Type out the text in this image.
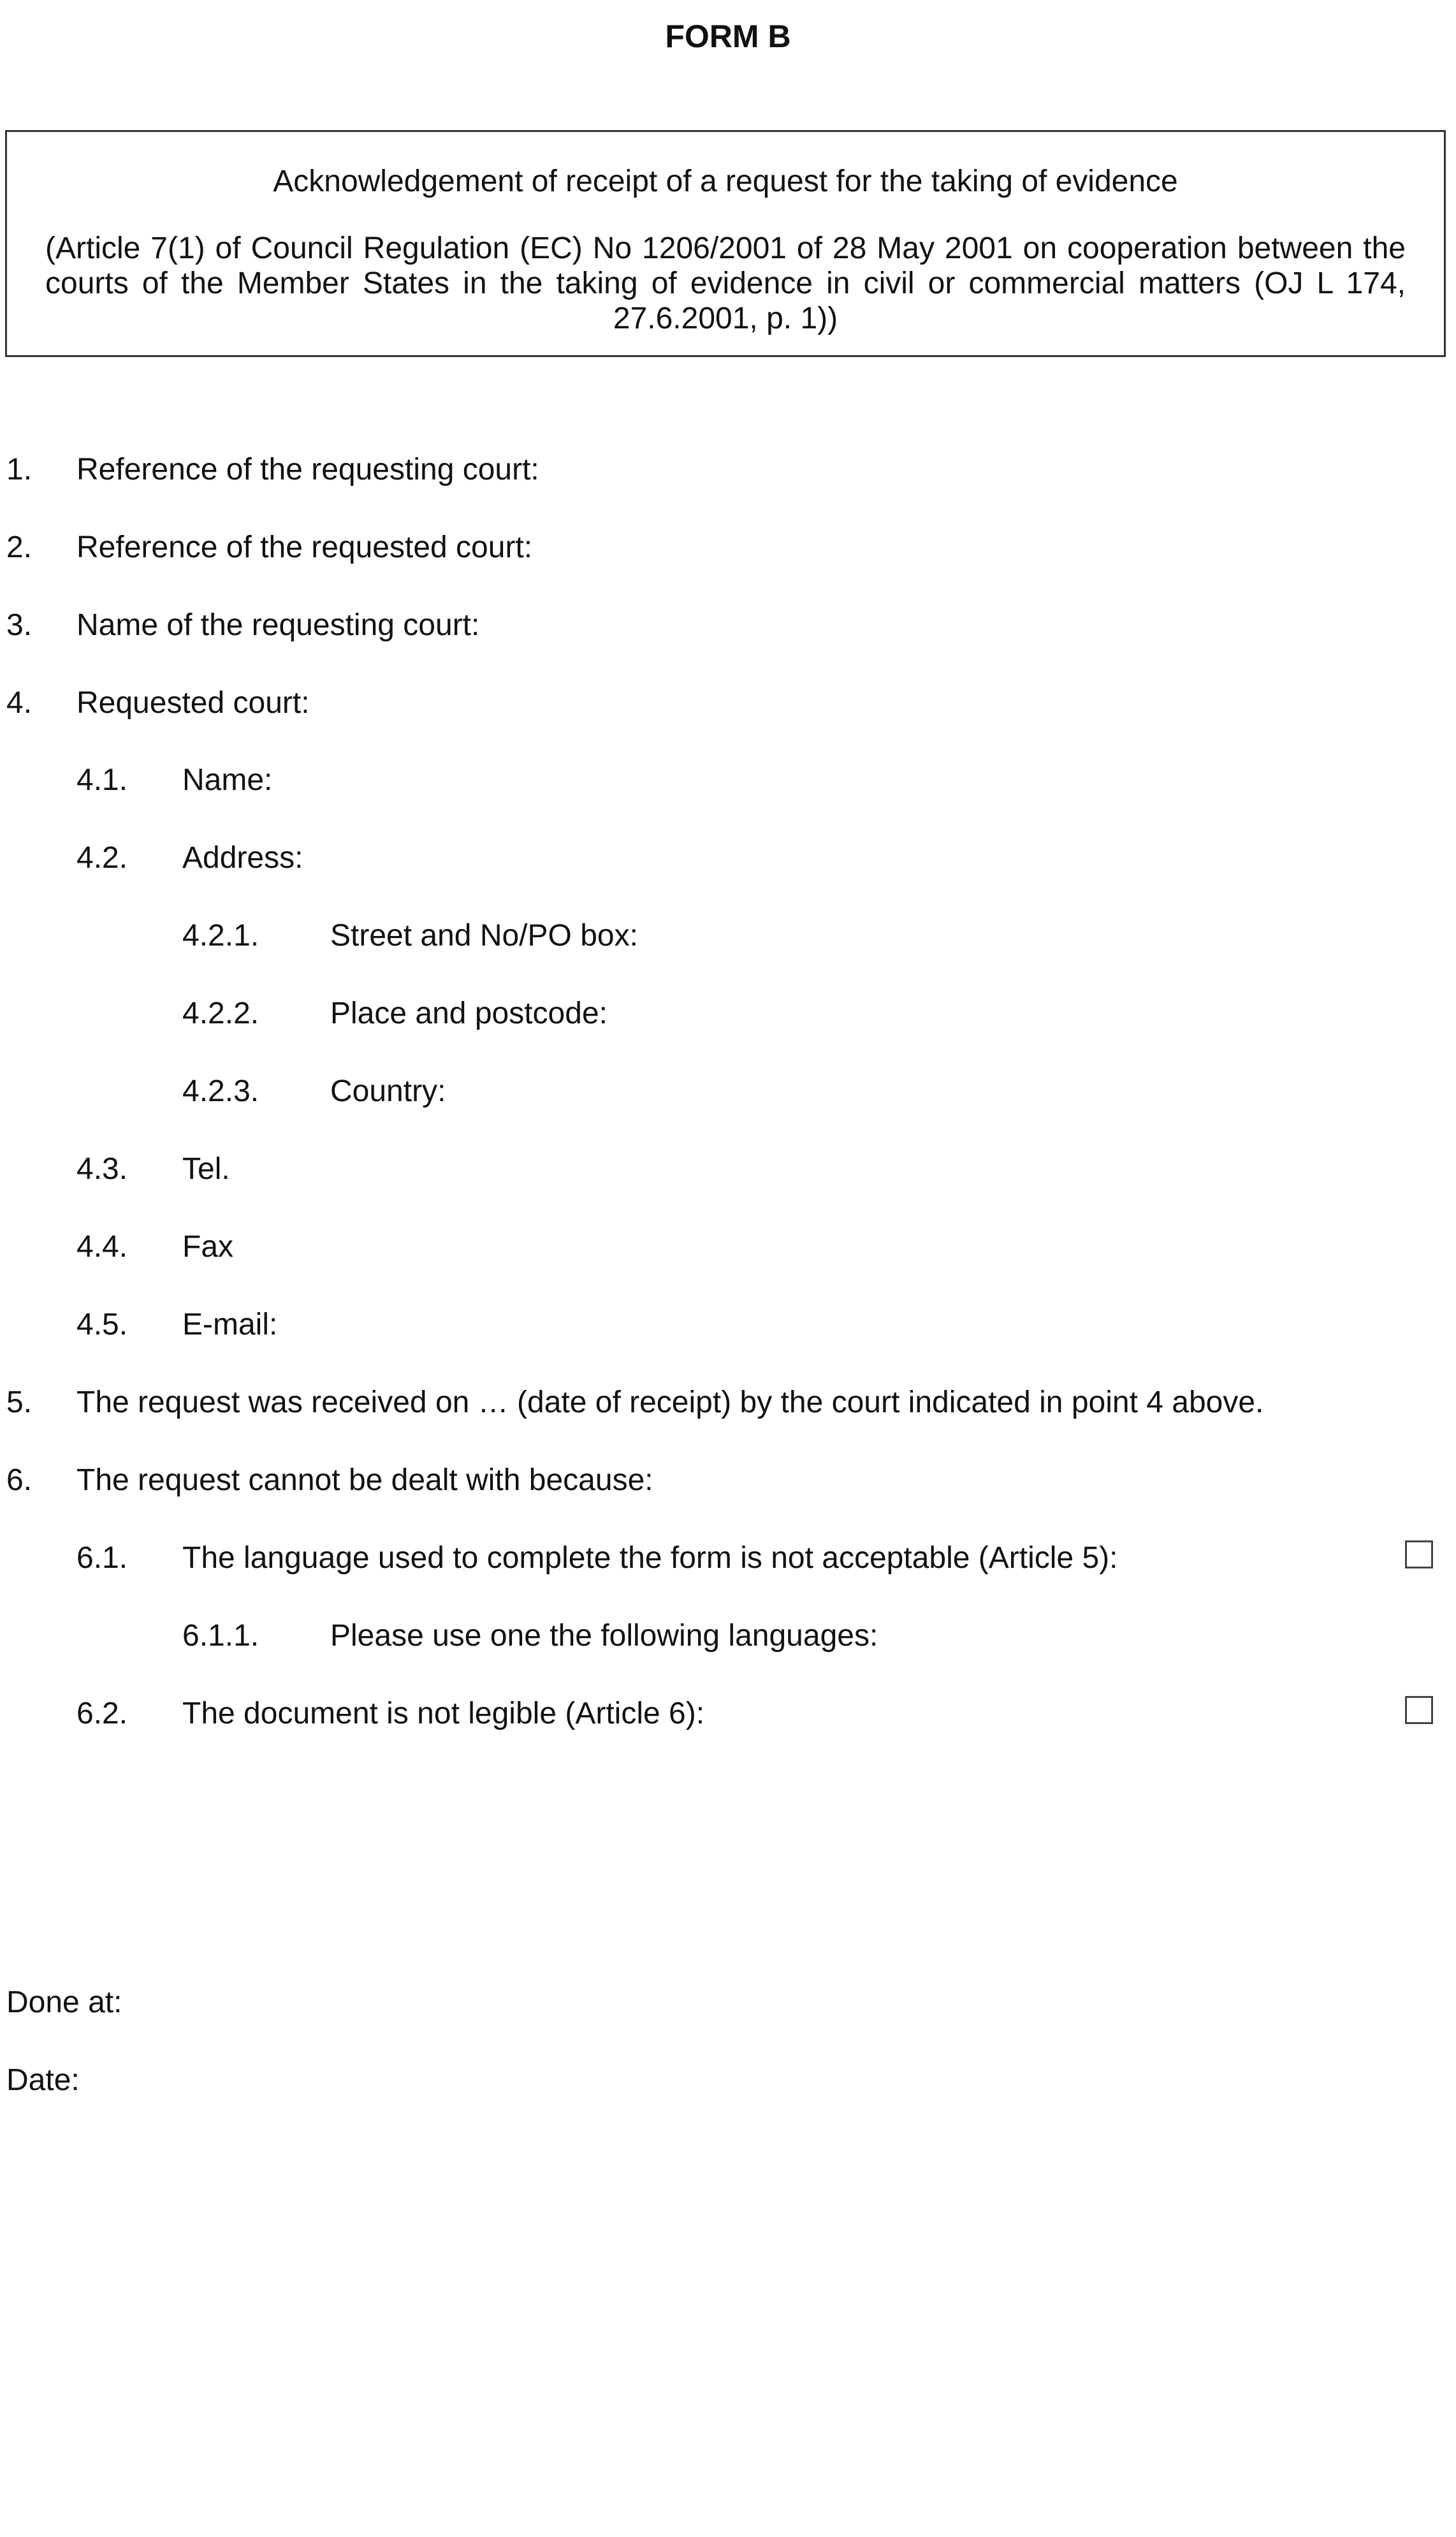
FORM B
Acknowledgement of receipt of a request for the taking of evidence
(Article 7(1) of Council Regulation (EC) No 1206/2001 of 28 May 2001 on cooperation between the courts of the Member States in the taking of evidence in civil or commercial matters (OJ L 174, 27.6.2001, p. 1))
1. Reference of the requesting court:
2. Reference of the requested court:
3. Name of the requesting court:
4. Requested court:
4.1. Name:
4.2. Address:
4.2.1. Street and No/PO box:
4.2.2. Place and postcode:
4.2.3. Country:
4.3. Tel.
4.4. Fax
4.5. E-mail:
5. The request was received on … (date of receipt) by the court indicated in point 4 above.
6. The request cannot be dealt with because:
6.1. The language used to complete the form is not acceptable (Article 5):
6.1.1. Please use one the following languages:
6.2. The document is not legible (Article 6):
Done at:
Date:
